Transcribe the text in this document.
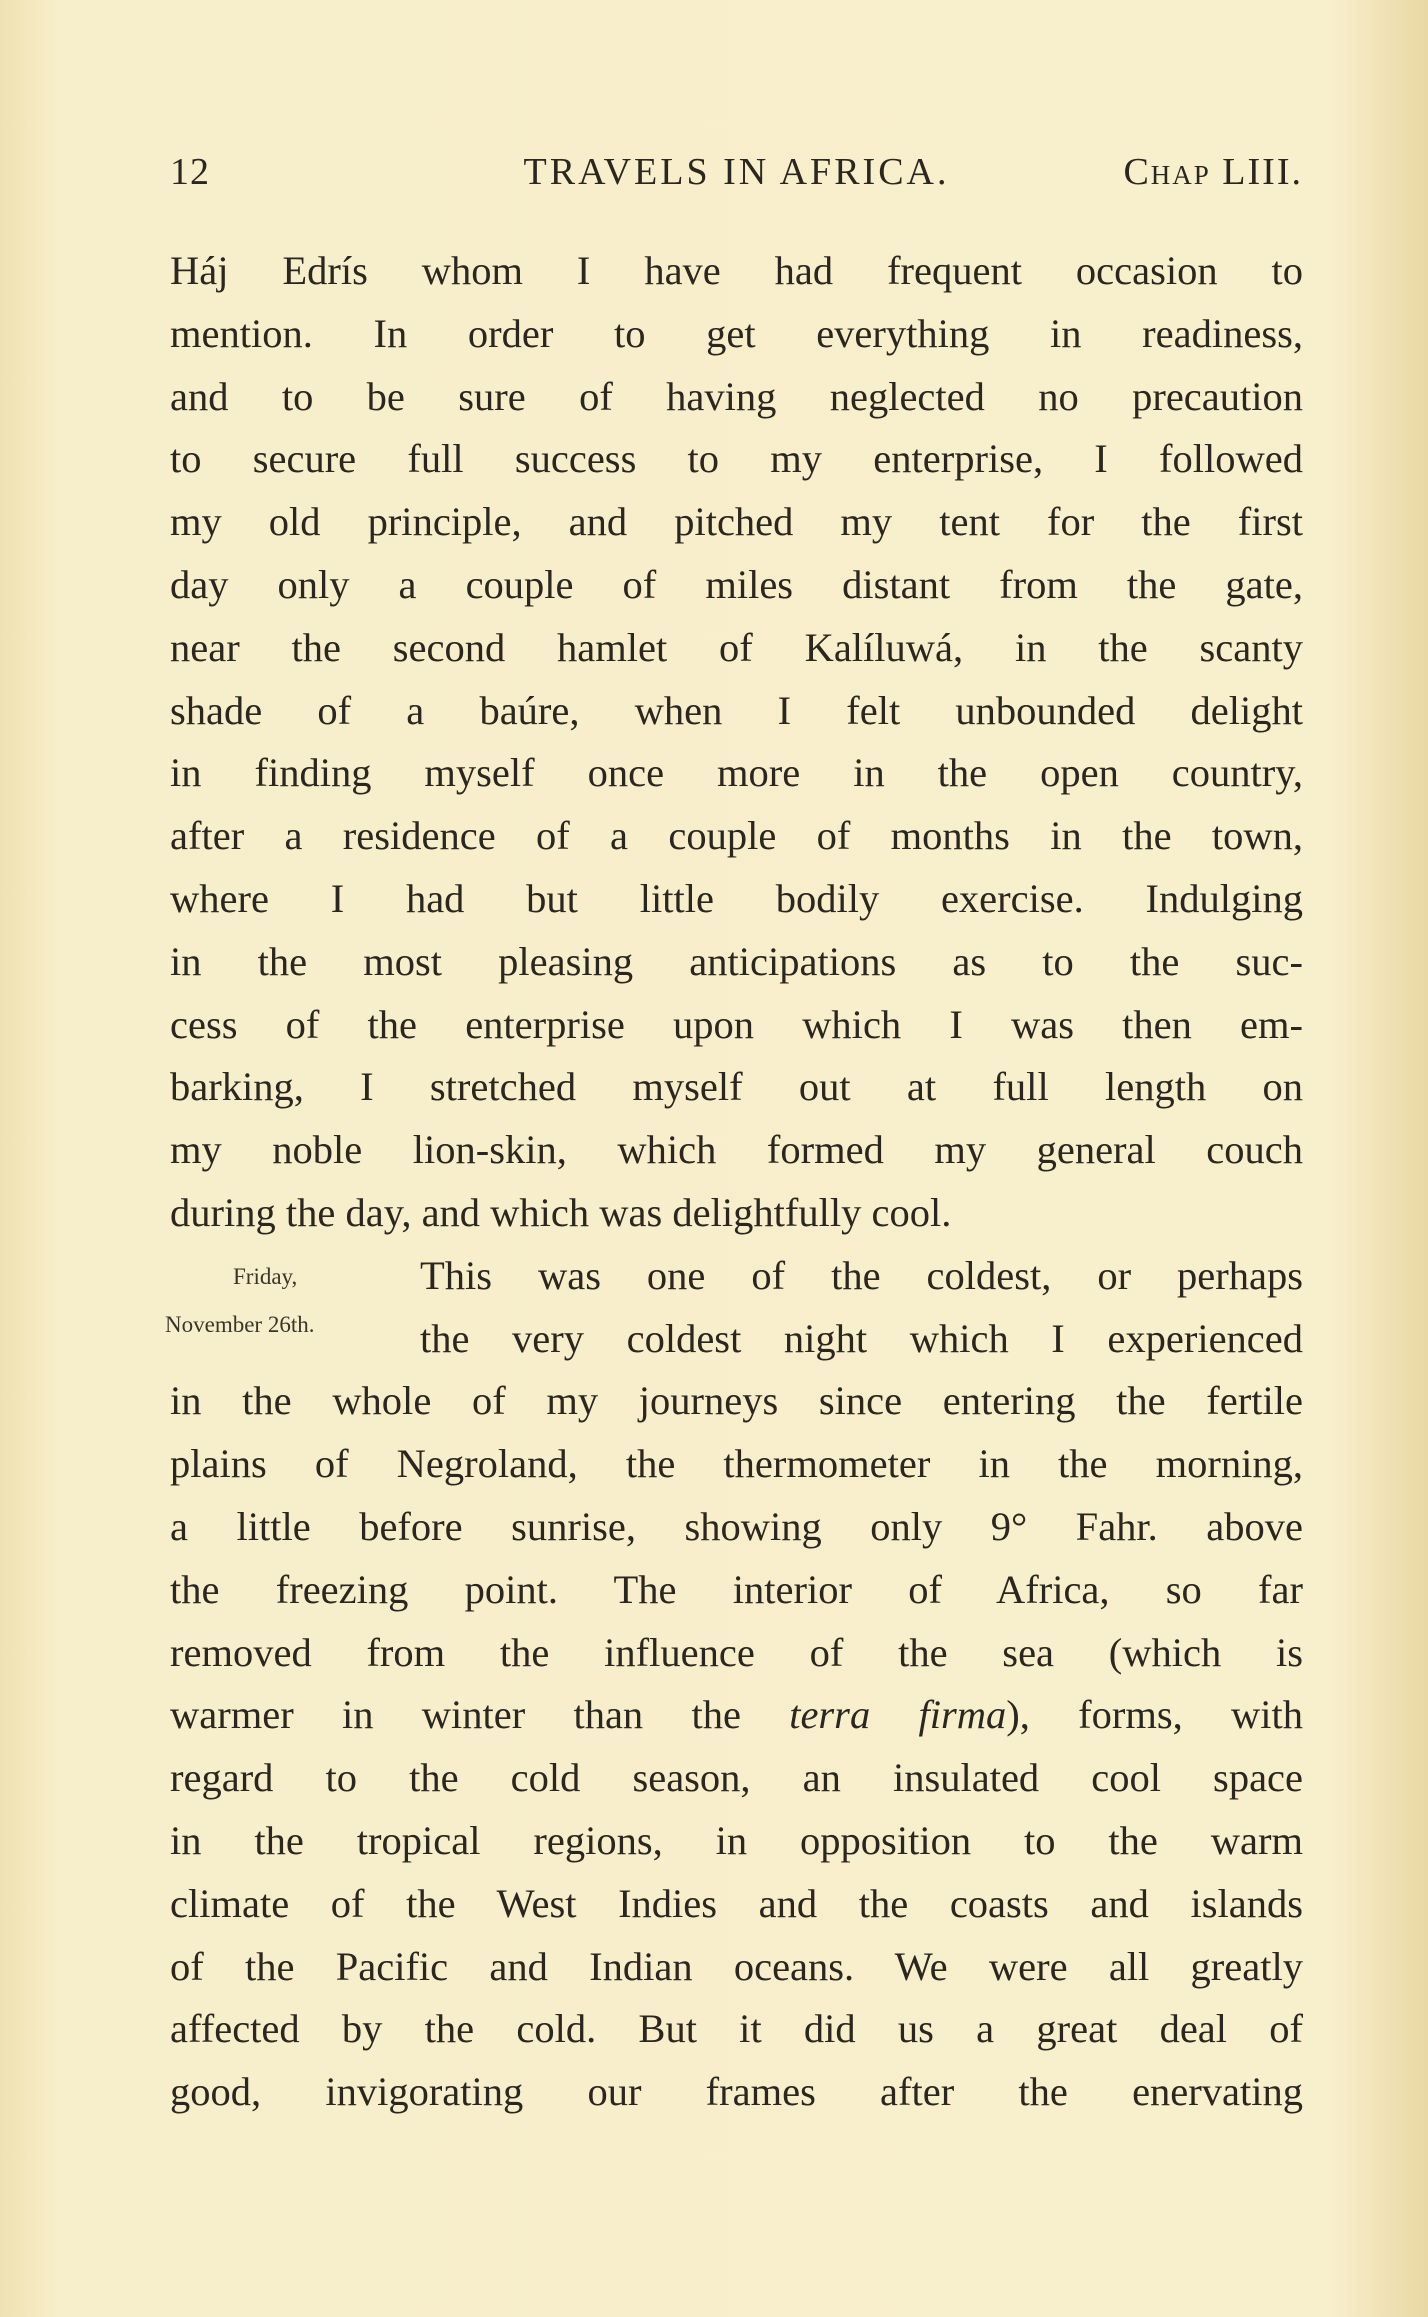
12	TRAVELS IN AFRICA.	Chap LIII.
Friday,
November 26th.
Háj Edrís whom I have had frequent occasion to
mention. In order to get everything in readiness,
and to be sure of having neglected no precaution
to secure full success to my enterprise, I followed
my old principle, and pitched my tent for the first
day only a couple of miles distant from the gate,
near the second hamlet of Kalíluwá, in the scanty
shade of a baúre, when I felt unbounded delight
in finding myself once more in the open country,
after a residence of a couple of months in the town,
where I had but little bodily exercise. Indulging
in the most pleasing anticipations as to the suc-
cess of the enterprise upon which I was then em-
barking, I stretched myself out at full length on
my noble lion-skin, which formed my general couch
during the day, and which was delightfully cool.
This was one of the coldest, or perhaps
the very coldest night which I experienced
in the whole of my journeys since entering the fertile
plains of Negroland, the thermometer in the morning,
a little before sunrise, showing only 9° Fahr. above
the freezing point. The interior of Africa, so far
removed from the influence of the sea (which is
warmer in winter than the terra firma), forms, with
regard to the cold season, an insulated cool space
in the tropical regions, in opposition to the warm
climate of the West Indies and the coasts and islands
of the Pacific and Indian oceans. We were all greatly
affected by the cold. But it did us a great deal of
good, invigorating our frames after the enervating
